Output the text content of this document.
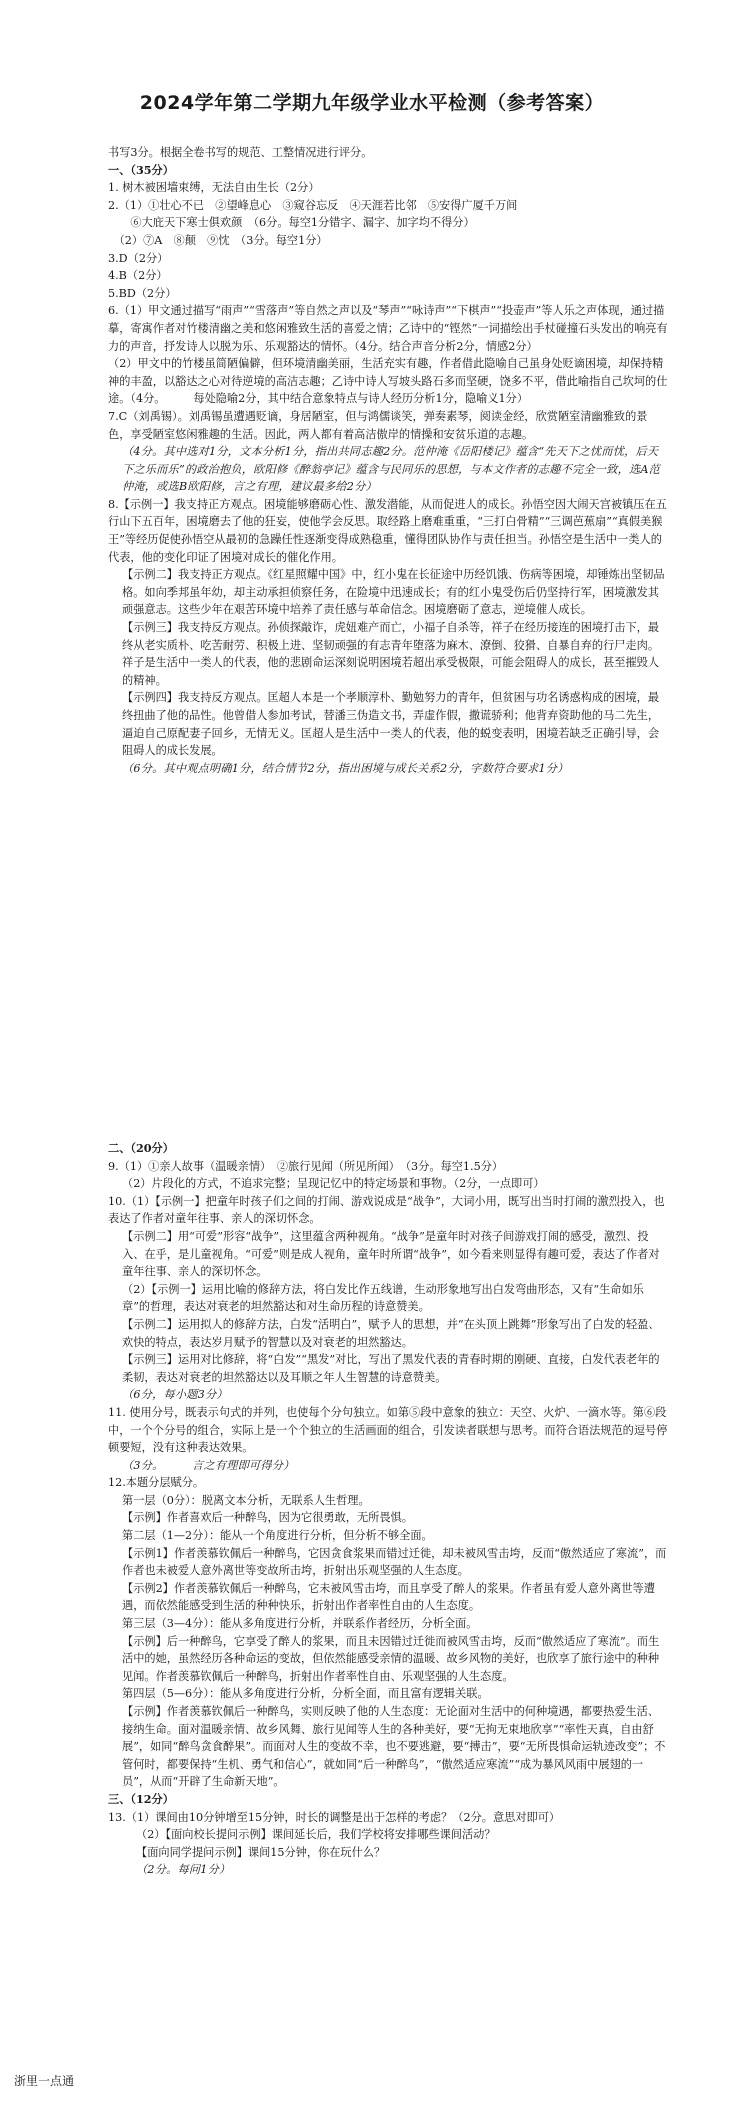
2024学年第二学期九年级学业水平检测（参考答案）

书写3分。根据全卷书写的规范、工整情况进行评分。

一、（35分）

1. 树木被困墙束缚，无法自由生长（2分）

2.（1）①壮心不已　②望峰息心　③窥谷忘反　④天涯若比邻　⑤安得广厦千万间

　　⑥大庇天下寒士俱欢颜　（6分。每空1分错字、漏字、加字均不得分）

　（2）⑦A　⑧颠　⑨忱　（3分。每空1分）

3.D（2分）

4.B（2分）

5.BD（2分）

6.（1）甲文通过描写“雨声”“雪落声”等自然之声以及“琴声”“咏诗声”“下棋声”“投壶声”等人乐之声体现，通过描摹，寄寓作者对竹楼清幽之美和悠闲雅致生活的喜爱之情；乙诗中的“铿然”一词描绘出手杖碰撞石头发出的响亮有力的声音，抒发诗人以脱为乐、乐观豁达的情怀。（4分。结合声音分析2分，情感2分）

（2）甲文中的竹楼虽简陋偏僻，但环境清幽美丽，生活充实有趣，作者借此隐喻自己虽身处贬谪困境，却保持精神的丰盈，以豁达之心对待逆境的高洁志趣；乙诗中诗人写坡头路石多而坚硬，饶多不平，借此喻指自己坎坷的仕途。（4分。　　　每处隐喻2分，其中结合意象特点与诗人经历分析1分，隐喻义1分）

7.C（刘禹锡）。刘禹锡虽遭遇贬谪，身居陋室，但与鸿儒谈笑，弹奏素琴，阅读金经，欣赏陋室清幽雅致的景色，享受陋室悠闲雅趣的生活。因此，两人都有着高洁傲岸的情操和安贫乐道的志趣。

（4分。其中选对1分，文本分析1分，指出共同志趣2分。范仲淹《岳阳楼记》蕴含“先天下之忧而忧，后天下之乐而乐”的政治抱负，欧阳修《醉翁亭记》蕴含与民同乐的思想，与本文作者的志趣不完全一致，选A范仲淹，或选B欧阳修，言之有理，建议最多给2分）

8.【示例一】我支持正方观点。困境能够磨砺心性、激发潜能，从而促进人的成长。孙悟空因大闹天宫被镇压在五行山下五百年，困境磨去了他的狂妄，使他学会反思。取经路上磨难重重，“三打白骨精”“三调芭蕉扇”“真假美猴王”等经历促使孙悟空从最初的急躁任性逐渐变得成熟稳重，懂得团队协作与责任担当。孙悟空是生活中一类人的代表，他的变化印证了困境对成长的催化作用。

【示例二】我支持正方观点。《红星照耀中国》中，红小鬼在长征途中历经饥饿、伤病等困境，却锤炼出坚韧品格。如向季邦虽年幼，却主动承担侦察任务，在险境中迅速成长；有的红小鬼受伤后仍坚持行军，困境激发其顽强意志。这些少年在艰苦环境中培养了责任感与革命信念。困境磨砺了意志，逆境催人成长。

【示例三】我支持反方观点。孙侦探敲诈，虎妞难产而亡，小福子自杀等，祥子在经历接连的困境打击下，最终从老实质朴、吃苦耐劳、积极上进、坚韧顽强的有志青年堕落为麻木、潦倒、狡猾、自暴自弃的行尸走肉。祥子是生活中一类人的代表，他的悲剧命运深刻说明困境若超出承受极限，可能会阻碍人的成长，甚至摧毁人的精神。

【示例四】我支持反方观点。匡超人本是一个孝顺淳朴、勤勉努力的青年，但贫困与功名诱惑构成的困境，最终扭曲了他的品性。他曾借人参加考试，替潘三伪造文书，弄虚作假，撒谎骄利；他背弃资助他的马二先生，逼迫自己原配妻子回乡，无情无义。匡超人是生活中一类人的代表，他的蜕变表明，困境若缺乏正确引导，会阻碍人的成长发展。

（6分。其中观点明确1分，结合情节2分，指出困境与成长关系2分，字数符合要求1分）

二、（20分）

9.（1）①亲人故事（温暖亲情）　②旅行见闻（所见所闻）　（3分。每空1.5分）

（2）片段化的方式，不追求完整；呈现记忆中的特定场景和事物。（2分，一点即可）

10.（1）【示例一】把童年时孩子们之间的打闹、游戏说成是“战争”，大词小用，既写出当时打闹的激烈投入，也表达了作者对童年往事、亲人的深切怀念。

【示例二】用“可爱”形容“战争”，这里蕴含两种视角。“战争”是童年时对孩子间游戏打闹的感受，激烈、投入、在乎，是儿童视角。“可爱”则是成人视角，童年时所谓“战争”，如今看来则显得有趣可爱，表达了作者对童年往事、亲人的深切怀念。

（2）【示例一】运用比喻的修辞方法，将白发比作五线谱，生动形象地写出白发弯曲形态，又有“生命如乐章”的哲理，表达对衰老的坦然豁达和对生命历程的诗意赞美。

【示例二】运用拟人的修辞方法，白发“活明白”，赋予人的思想，并“在头顶上跳舞”形象写出了白发的轻盈、欢快的特点，表达岁月赋予的智慧以及对衰老的坦然豁达。

【示例三】运用对比修辞，将“白发”“黑发”对比，写出了黑发代表的青春时期的刚硬、直接，白发代表老年的柔韧，表达对衰老的坦然豁达以及耳顺之年人生智慧的诗意赞美。

（6分，每小题3分）

11. 使用分号，既表示句式的并列，也使每个分句独立。如第⑤段中意象的独立：天空、火炉、一滴水等。第⑥段中，一个个分号的组合，实际上是一个个独立的生活画面的组合，引发读者联想与思考。而符合语法规范的逗号停顿要短，没有这种表达效果。

（3分。　　　言之有理即可得分）

12.本题分层赋分。

第一层（0分）：脱离文本分析，无联系人生哲理。

【示例】作者喜欢后一种醉鸟，因为它很勇敢，无所畏惧。

第二层（1—2分）：能从一个角度进行分析，但分析不够全面。

【示例1】作者羡慕钦佩后一种醉鸟，它因贪食浆果而错过迁徙，却未被风雪击垮，反而“傲然适应了寒流”，而作者也未被爱人意外离世等变故所击垮，折射出乐观坚强的人生态度。

【示例2】作者羡慕钦佩后一种醉鸟，它未被风雪击垮，而且享受了醉人的浆果。作者虽有爱人意外离世等遭遇，而依然能感受到生活的种种快乐，折射出作者率性自由的人生态度。

第三层（3—4分）：能从多角度进行分析，并联系作者经历，分析全面。

【示例】后一种醉鸟，它享受了醉人的浆果，而且未因错过迁徙而被风雪击垮，反而“傲然适应了寒流”。而生活中的她，虽然经历各种命运的变故，但依然能感受亲情的温暖、故乡风物的美好，也欣享了旅行途中的种种见闻。作者羡慕钦佩后一种醉鸟，折射出作者率性自由、乐观坚强的人生态度。

第四层（5—6分）：能从多角度进行分析，分析全面，而且富有逻辑关联。

【示例】作者羡慕钦佩后一种醉鸟，实则反映了他的人生态度：无论面对生活中的何种境遇，都要热爱生活、接纳生命。面对温暖亲情、故乡风舞、旅行见闻等人生的各种美好，要“无拘无束地欣享”“率性天真，自由舒展”，如同“醉鸟贪食醉果”。而面对人生的变故不幸，也不要逃避，要“搏击”，要“无所畏惧命运轨迹改变”；不管何时，都要保持“生机、勇气和信心”，就如同“后一种醉鸟”，“傲然适应寒流”“成为暴风风雨中展翅的一员”，从而“开辟了生命新天地”。

三、（12分）

13.（1）课间由10分钟增至15分钟，时长的调整是出于怎样的考虑？（2分。意思对即可）

（2）【面向校长提问示例】课间延长后，我们学校将安排哪些课间活动？

【面向同学提问示例】课间15分钟，你在玩什么？

（2分。每问1分）

浙里一点通
